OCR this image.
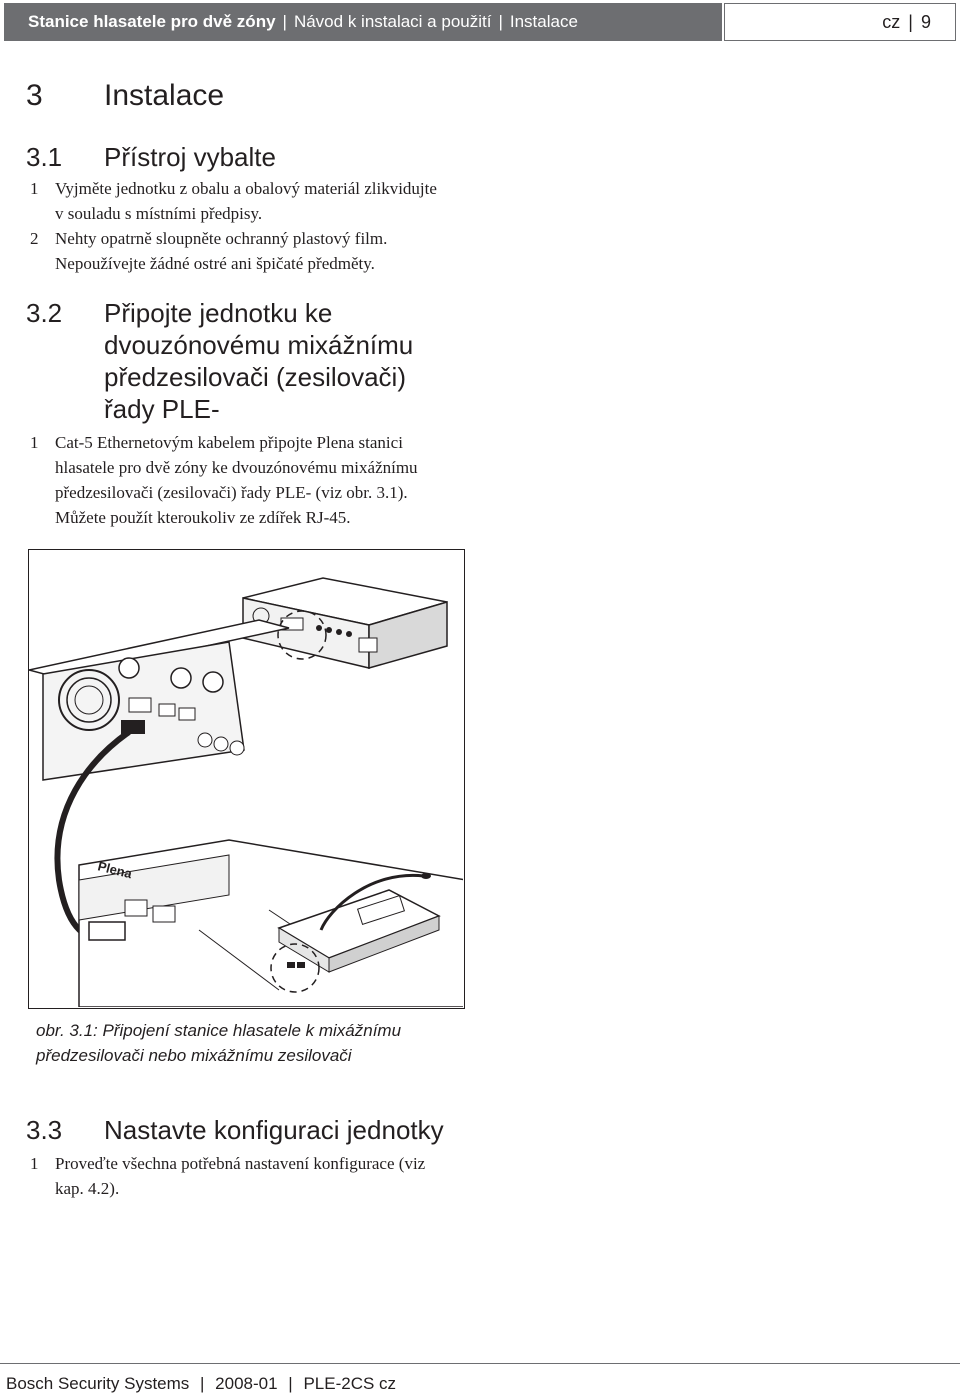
Stanice hlasatele pro dvě zóny | Návod k instalaci a použití | Instalace	cz | 9
3 Instalace
3.1 Přístroj vybalte
1 Vyjměte jednotku z obalu a obalový materiál zlikvidujte
v souladu s místními předpisy.
2 Nehty opatrně sloupněte ochranný plastový film.
Nepoužívejte žádné ostré ani špičaté předměty.
3.2 Připojte jednotku ke
dvouzónovému mixážnímu
předzesilovači (zesilovači)
řady PLE-
1 Cat-5 Ethernetovým kabelem připojte Plena stanici
hlasatele pro dvě zóny ke dvouzónovému mixážnímu
předzesilovači (zesilovači) řady PLE- (viz obr. 3.1).
Můžete použít kteroukoliv ze zdířek RJ-45.
Plena
obr. 3.1: Připojení stanice hlasatele k mixážnímu
předzesilovači nebo mixážnímu zesilovači
3.3 Nastavte konfiguraci jednotky
1 Proveďte všechna potřebná nastavení konfigurace (viz
kap. 4.2).
Bosch Security Systems | 2008-01 | PLE-2CS cz
